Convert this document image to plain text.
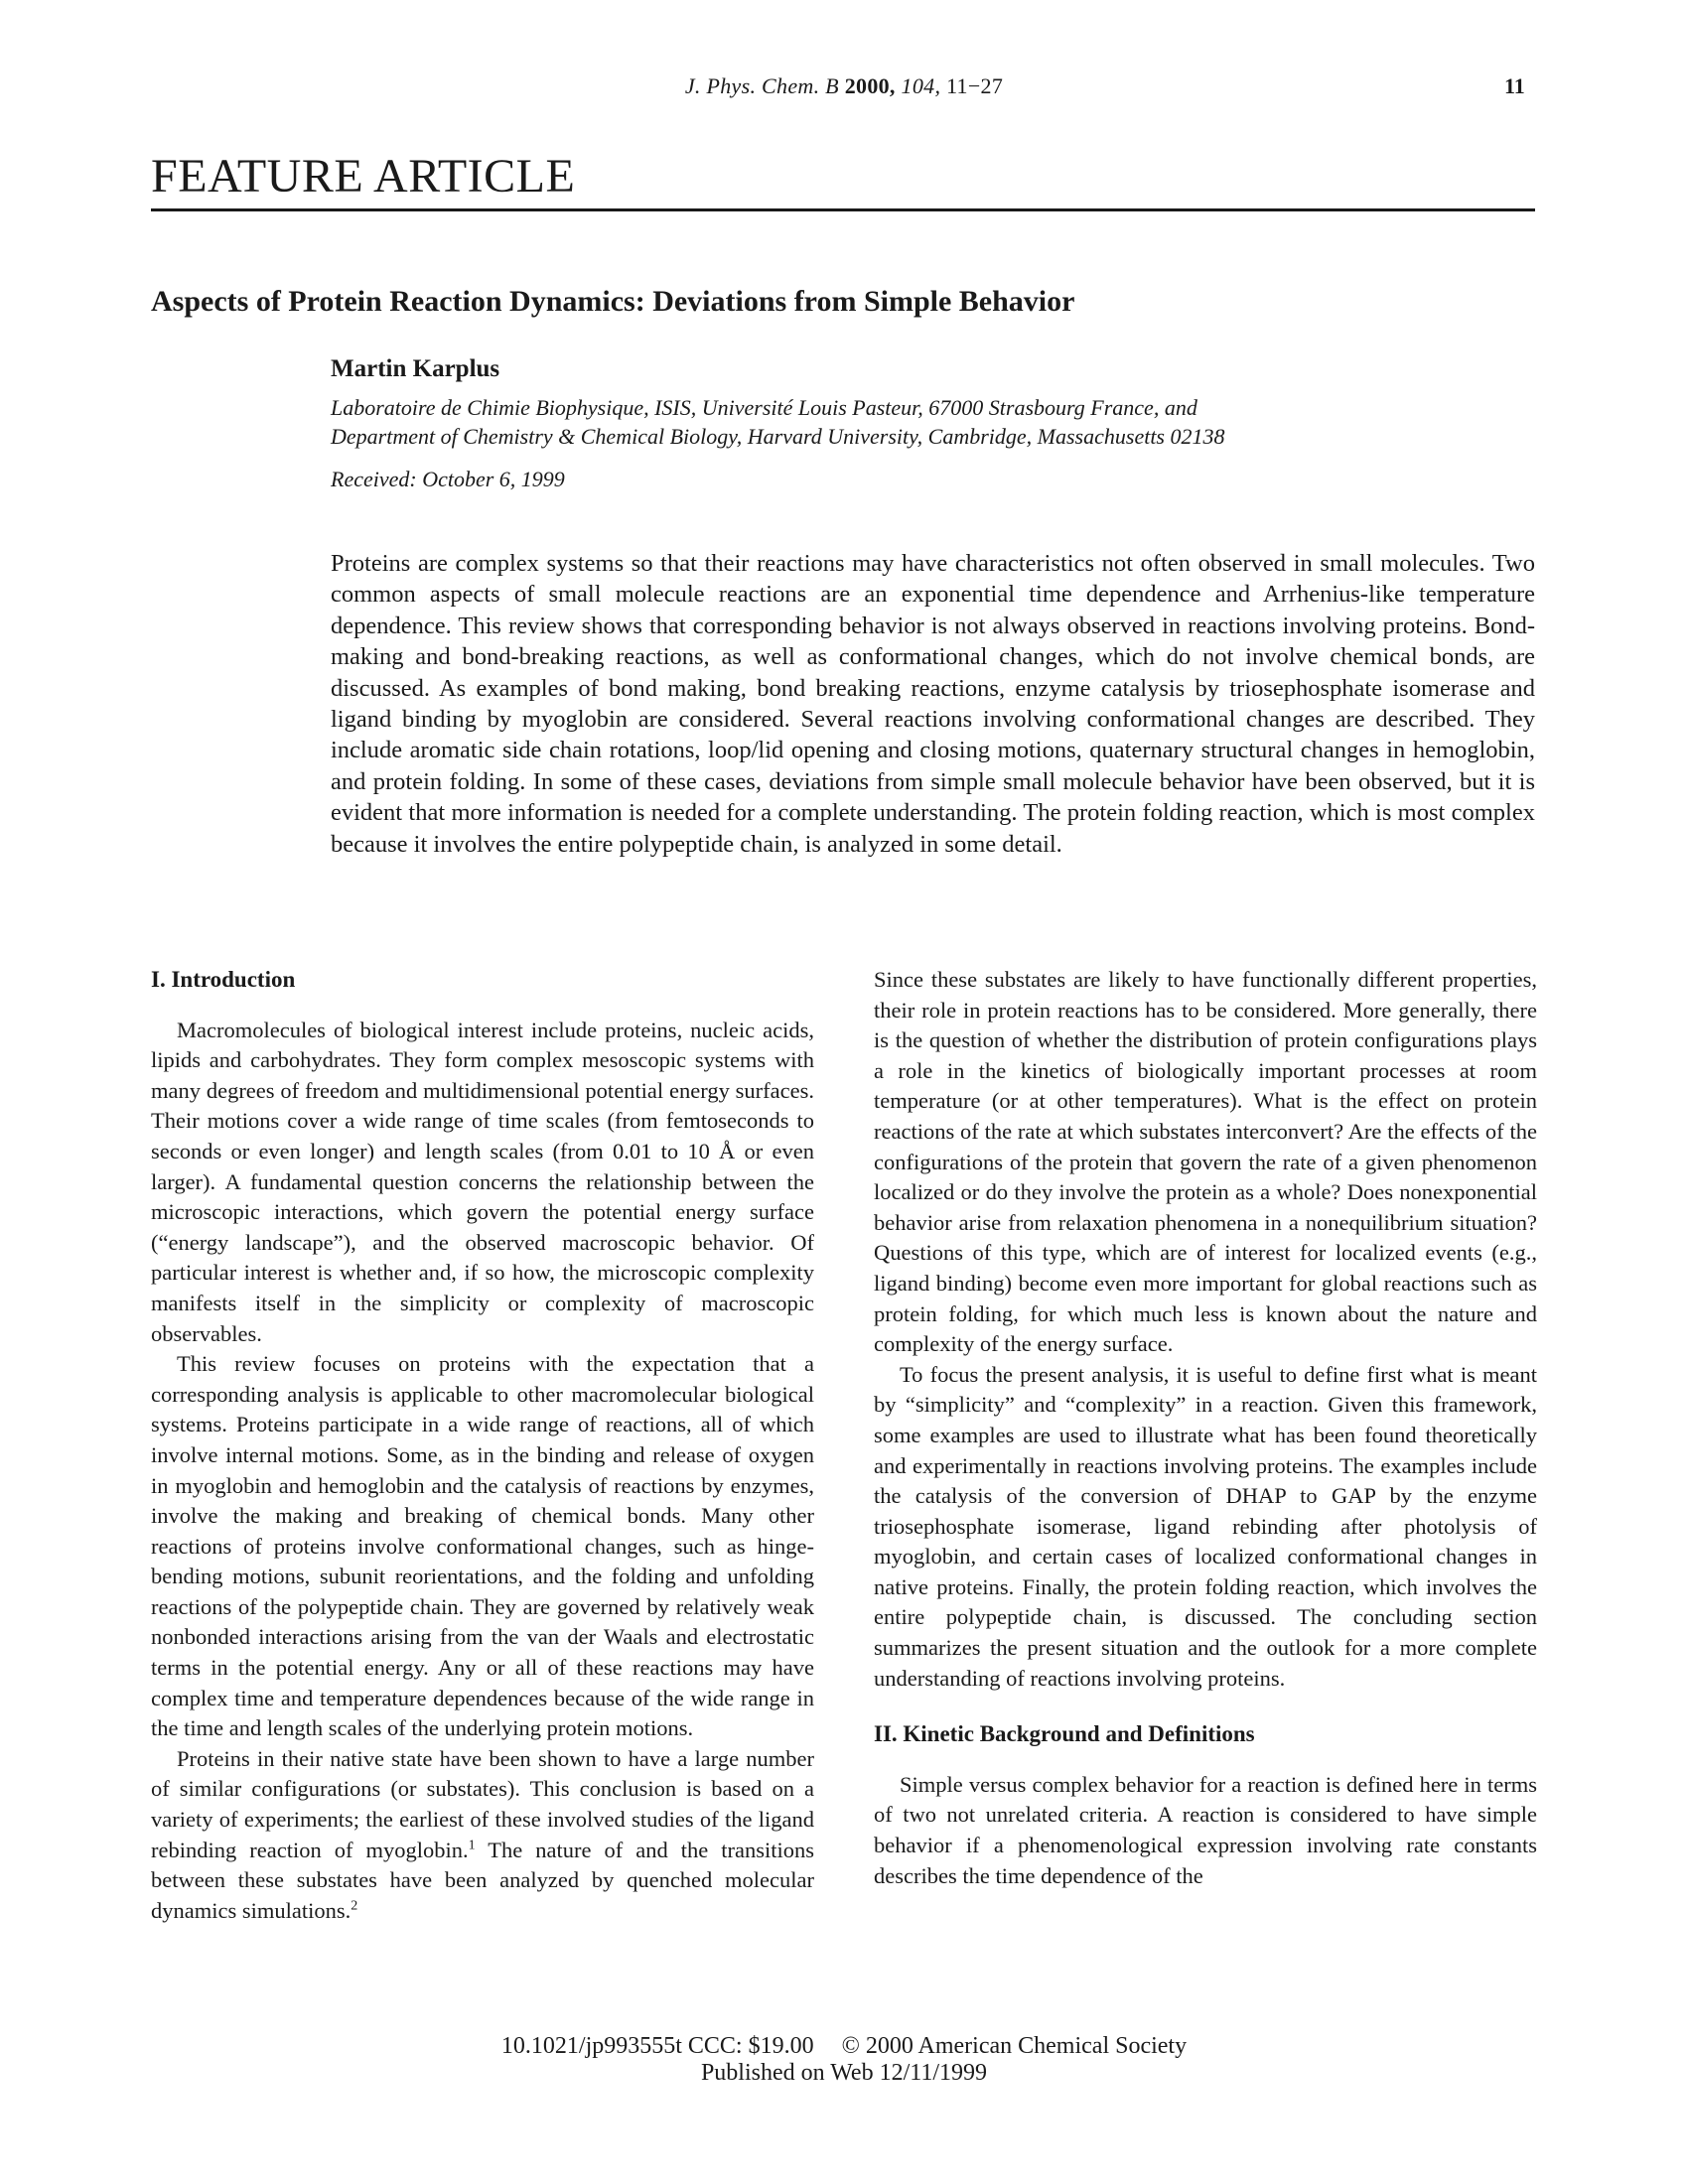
J. Phys. Chem. B 2000, 104, 11−27	11
FEATURE ARTICLE
Aspects of Protein Reaction Dynamics: Deviations from Simple Behavior
Martin Karplus
Laboratoire de Chimie Biophysique, ISIS, Université Louis Pasteur, 67000 Strasbourg France, and
Department of Chemistry & Chemical Biology, Harvard University, Cambridge, Massachusetts 02138
Received: October 6, 1999

Proteins are complex systems so that their reactions may have characteristics not often observed in small molecules. Two common aspects of small molecule reactions are an exponential time dependence and Arrhenius-like temperature dependence. This review shows that corresponding behavior is not always observed in reactions involving proteins. Bond-making and bond-breaking reactions, as well as conformational changes, which do not involve chemical bonds, are discussed. As examples of bond making, bond breaking reactions, enzyme catalysis by triosephosphate isomerase and ligand binding by myoglobin are considered. Several reactions involving conformational changes are described. They include aromatic side chain rotations, loop/lid opening and closing motions, quaternary structural changes in hemoglobin, and protein folding. In some of these cases, deviations from simple small molecule behavior have been observed, but it is evident that more information is needed for a complete understanding. The protein folding reaction, which is most complex because it involves the entire polypeptide chain, is analyzed in some detail.

I. Introduction

Macromolecules of biological interest include proteins, nucleic acids, lipids and carbohydrates. They form complex mesoscopic systems with many degrees of freedom and multidimensional potential energy surfaces. Their motions cover a wide range of time scales (from femtoseconds to seconds or even longer) and length scales (from 0.01 to 10 Å or even larger). A fundamental question concerns the relationship between the microscopic interactions, which govern the potential energy surface (“energy landscape”), and the observed macroscopic behavior. Of particular interest is whether and, if so how, the microscopic complexity manifests itself in the simplicity or complexity of macroscopic observables.

This review focuses on proteins with the expectation that a corresponding analysis is applicable to other macromolecular biological systems. Proteins participate in a wide range of reactions, all of which involve internal motions. Some, as in the binding and release of oxygen in myoglobin and hemoglobin and the catalysis of reactions by enzymes, involve the making and breaking of chemical bonds. Many other reactions of proteins involve conformational changes, such as hinge-bending motions, subunit reorientations, and the folding and unfolding reactions of the polypeptide chain. They are governed by relatively weak nonbonded interactions arising from the van der Waals and electrostatic terms in the potential energy. Any or all of these reactions may have complex time and temperature dependences because of the wide range in the time and length scales of the underlying protein motions.

Proteins in their native state have been shown to have a large number of similar configurations (or substates). This conclusion is based on a variety of experiments; the earliest of these involved studies of the ligand rebinding reaction of myoglobin.$^1$ The nature of and the transitions between these substates have been analyzed by quenched molecular dynamics simulations.$^2$

Since these substates are likely to have functionally different properties, their role in protein reactions has to be considered. More generally, there is the question of whether the distribution of protein configurations plays a role in the kinetics of biologically important processes at room temperature (or at other temperatures). What is the effect on protein reactions of the rate at which substates interconvert? Are the effects of the configurations of the protein that govern the rate of a given phenomenon localized or do they involve the protein as a whole? Does nonexponential behavior arise from relaxation phenomena in a nonequilibrium situation? Questions of this type, which are of interest for localized events (e.g., ligand binding) become even more important for global reactions such as protein folding, for which much less is known about the nature and complexity of the energy surface.

To focus the present analysis, it is useful to define first what is meant by “simplicity” and “complexity” in a reaction. Given this framework, some examples are used to illustrate what has been found theoretically and experimentally in reactions involving proteins. The examples include the catalysis of the conversion of DHAP to GAP by the enzyme triosephosphate isomerase, ligand rebinding after photolysis of myoglobin, and certain cases of localized conformational changes in native proteins. Finally, the protein folding reaction, which involves the entire polypeptide chain, is discussed. The concluding section summarizes the present situation and the outlook for a more complete understanding of reactions involving proteins.

II. Kinetic Background and Definitions

Simple versus complex behavior for a reaction is defined here in terms of two not unrelated criteria. A reaction is considered to have simple behavior if a phenomenological expression involving rate constants describes the time dependence of the

10.1021/jp993555t CCC: $19.00 © 2000 American Chemical Society
Published on Web 12/11/1999
